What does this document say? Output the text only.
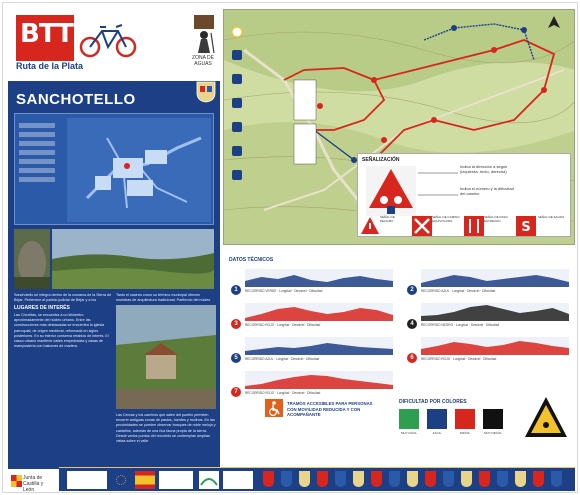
BTT
Ruta de la Plata
ZONA DE AGUAS
SANCHOTELLO
Sanchotello se integra dentro de la comarca de la Sierra de Béjar. Pertenece al partido judicial de Béjar y a los
Tanto el caserío como su término municipal ofrecen muestras de arquitectura tradicional. Partiendo del núcleo
LUGARES DE INTERÉS
Las Chorritas, se encuentra a un kilómetro aproximadamente del núcleo urbano. Entre las construcciones más destacadas se encuentra la iglesia parroquial, de origen medieval, reformada en siglos posteriores. En su interior conserva retablos de interés. El casco urbano mantiene calles empedradas y casas de mampostería con balcones de madera.
Las Cercas y los caminos que salen del pueblo permiten recorrer antiguas zonas de pastos, fuentes y molinos. En las proximidades se pueden observar bosques de roble melojo y castaños, además de una rica fauna propia de la sierra. Desde varios puntos del recorrido se contemplan amplias vistas sobre el valle.
Junta de Castilla y León
SEÑALIZACIÓN
Indica la dirección a seguir (izquierda, recto, derecha)
Indica el número y la dificultad del camino
SEÑAL DE PELIGRO
SEÑAL DE CAMINO EQUIVOCADO
SEÑAL DE PASO ESTRECHO	S
SEÑAL DE SALIDA
DATOS TÉCNICOS
1	RECORRIDO VERDE · Longitud · Desnivel · Dificultad	2	RECORRIDO AZUL · Longitud · Desnivel · Dificultad
3	RECORRIDO ROJO · Longitud · Desnivel · Dificultad	4	RECORRIDO NEGRO · Longitud · Desnivel · Dificultad
5	RECORRIDO AZUL · Longitud · Desnivel · Dificultad	6	RECORRIDO ROJO · Longitud · Desnivel · Dificultad
7	RECORRIDO ROJO · Longitud · Desnivel · Dificultad
TRAMOS ACCESIBLES PARA PERSONAS CON MOVILIDAD REDUCIDA Y CON ACOMPAÑANTE
DIFICULTAD POR COLORES
MUY FÁCIL	FÁCIL	DIFÍCIL	MUY DIFÍCIL
